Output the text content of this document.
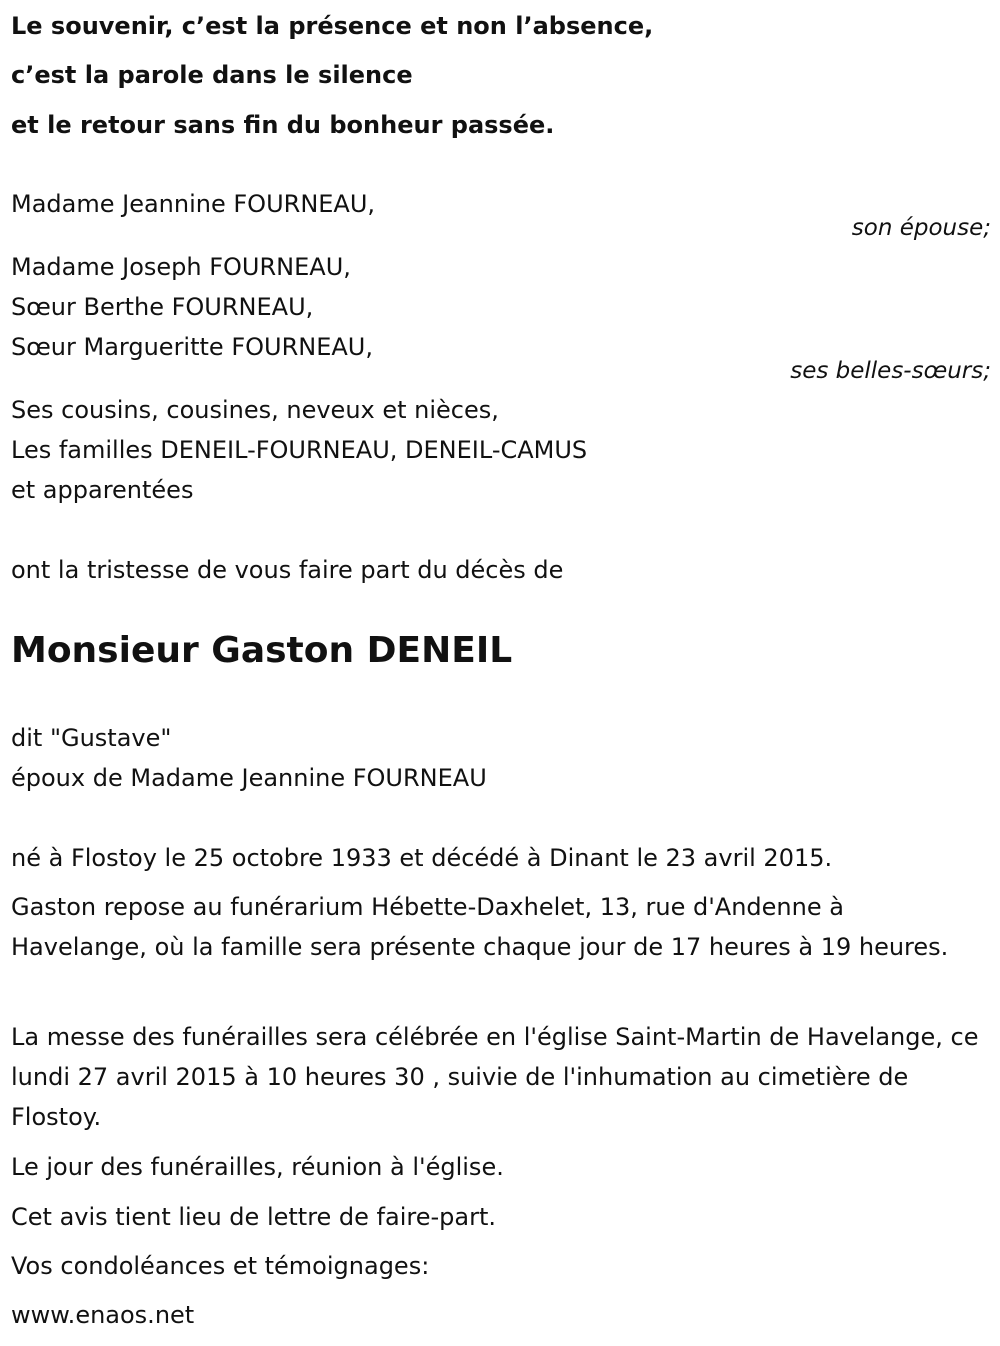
Le souvenir, c’est la présence et non l’absence,
c’est la parole dans le silence
et le retour sans fin du bonheur passée.
Madame Jeannine FOURNEAU,
son épouse;
Madame Joseph FOURNEAU,
Sœur Berthe FOURNEAU,
Sœur Margueritte FOURNEAU,
ses belles-sœurs;
Ses cousins, cousines, neveux et nièces,
Les familles DENEIL-FOURNEAU, DENEIL-CAMUS
et apparentées
ont la tristesse de vous faire part du décès de
Monsieur Gaston DENEIL
dit "Gustave"
époux de Madame Jeannine FOURNEAU
né à Flostoy le 25 octobre 1933 et décédé à Dinant le 23 avril 2015.
Gaston repose au funérarium Hébette-Daxhelet, 13, rue d'Andenne à Havelange, où la famille sera présente chaque jour de 17 heures à 19 heures.
La messe des funérailles sera célébrée en l'église Saint-Martin de Havelange, ce lundi 27 avril 2015 à 10 heures 30 , suivie de l'inhumation au cimetière de Flostoy.
Le jour des funérailles, réunion à l'église.
Cet avis tient lieu de lettre de faire-part.
Vos condoléances et témoignages:
www.enaos.net
